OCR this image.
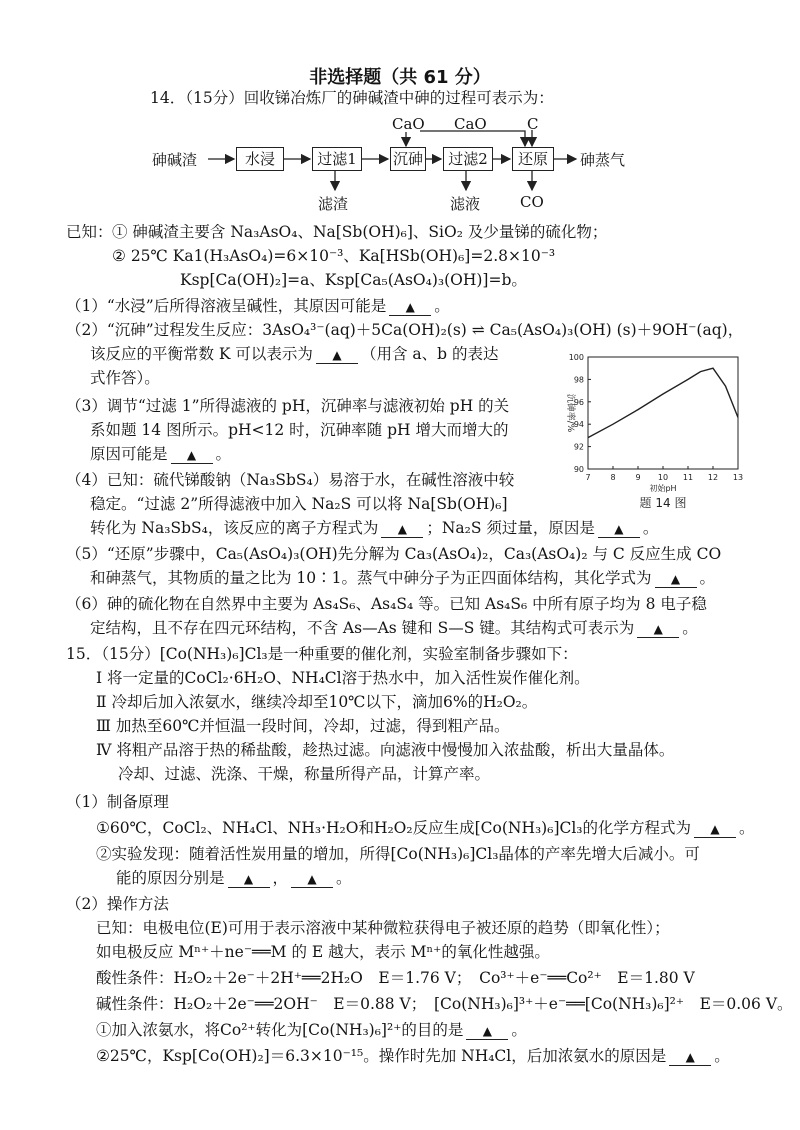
非选择题（共 61 分）
14．（15分）回收锑冶炼厂的砷碱渣中砷的过程可表示为：
砷碱渣	水浸	过滤1	沉砷	过滤2	还原	砷蒸气
CaO CaO	C
滤渣	滤液	CO
已知： ① 砷碱渣主要含 Na₃AsO₄、Na[Sb(OH)₆]、SiO₂ 及少量锑的硫化物；
② 25℃ Ka1(H₃AsO₄)=6×10⁻³、Ka[HSb(OH)₆]=2.8×10⁻³
Ksp[Ca(OH)₂]=a、Ksp[Ca₅(AsO₄)₃(OH)]=b。
（1）“水浸”后所得溶液呈碱性，其原因可能是 ▲ 。
（2）“沉砷”过程发生反应：3AsO₄³⁻(aq)＋5Ca(OH)₂(s) ⇌ Ca₅(AsO₄)₃(OH) (s)＋9OH⁻(aq)，
该反应的平衡常数 K 可以表示为 ▲ （用含 a、b 的表达
式作答）。
（3）调节“过滤 1”所得滤液的 pH，沉砷率与滤液初始 pH 的关
系如题 14 图所示。pH<12 时，沉砷率随 pH 增大而增大的
原因可能是 ▲ 。
7 8 9 10 11 12 13
90
92
94
96
98
100
初始pH
沉砷率/%
题 14 图
（4）已知：硫代锑酸钠（Na₃SbS₄）易溶于水，在碱性溶液中较
稳定。“过滤 2”所得滤液中加入 Na₂S 可以将 Na[Sb(OH)₆]
转化为 Na₃SbS₄，该反应的离子方程式为 ▲ ；Na₂S 须过量，原因是 ▲ 。
（5）“还原”步骤中，Ca₅(AsO₄)₃(OH)先分解为 Ca₃(AsO₄)₂，Ca₃(AsO₄)₂ 与 C 反应生成 CO
和砷蒸气，其物质的量之比为 10∶1。蒸气中砷分子为正四面体结构，其化学式为 ▲ 。
（6）砷的硫化物在自然界中主要为 As₄S₆、As₄S₄ 等。已知 As₄S₆ 中所有原子均为 8 电子稳
定结构，且不存在四元环结构，不含 As—As 键和 S—S 键。其结构式可表示为 ▲ 。
15．（15分）[Co(NH₃)₆]Cl₃是一种重要的催化剂，实验室制备步骤如下：
Ⅰ 将一定量的CoCl₂·6H₂O、NH₄Cl溶于热水中，加入活性炭作催化剂。
Ⅱ 冷却后加入浓氨水，继续冷却至10℃以下，滴加6%的H₂O₂。
Ⅲ 加热至60℃并恒温一段时间，冷却，过滤，得到粗产品。
Ⅳ 将粗产品溶于热的稀盐酸，趁热过滤。向滤液中慢慢加入浓盐酸，析出大量晶体。
冷却、过滤、洗涤、干燥，称量所得产品，计算产率。
（1）制备原理
①60℃，CoCl₂、NH₄Cl、NH₃·H₂O和H₂O₂反应生成[Co(NH₃)₆]Cl₃的化学方程式为 ▲ 。
②实验发现：随着活性炭用量的增加，所得[Co(NH₃)₆]Cl₃晶体的产率先增大后减小。可
能的原因分别是 ▲ ， ▲ 。
（2）操作方法
已知：电极电位(E)可用于表示溶液中某种微粒获得电子被还原的趋势（即氧化性）；
如电极反应 Mⁿ⁺＋ne⁻══M 的 E 越大，表示 Mⁿ⁺的氧化性越强。
酸性条件：H₂O₂＋2e⁻＋2H⁺══2H₂O　E＝1.76 V；　Co³⁺＋e⁻══Co²⁺　E＝1.80 V
碱性条件：H₂O₂＋2e⁻══2OH⁻　E＝0.88 V；　[Co(NH₃)₆]³⁺＋e⁻══[Co(NH₃)₆]²⁺　E＝0.06 V。
①加入浓氨水，将Co²⁺转化为[Co(NH₃)₆]²⁺的目的是 ▲ 。
②25℃，Ksp[Co(OH)₂]＝6.3×10⁻¹⁵。操作时先加 NH₄Cl，后加浓氨水的原因是 ▲ 。
